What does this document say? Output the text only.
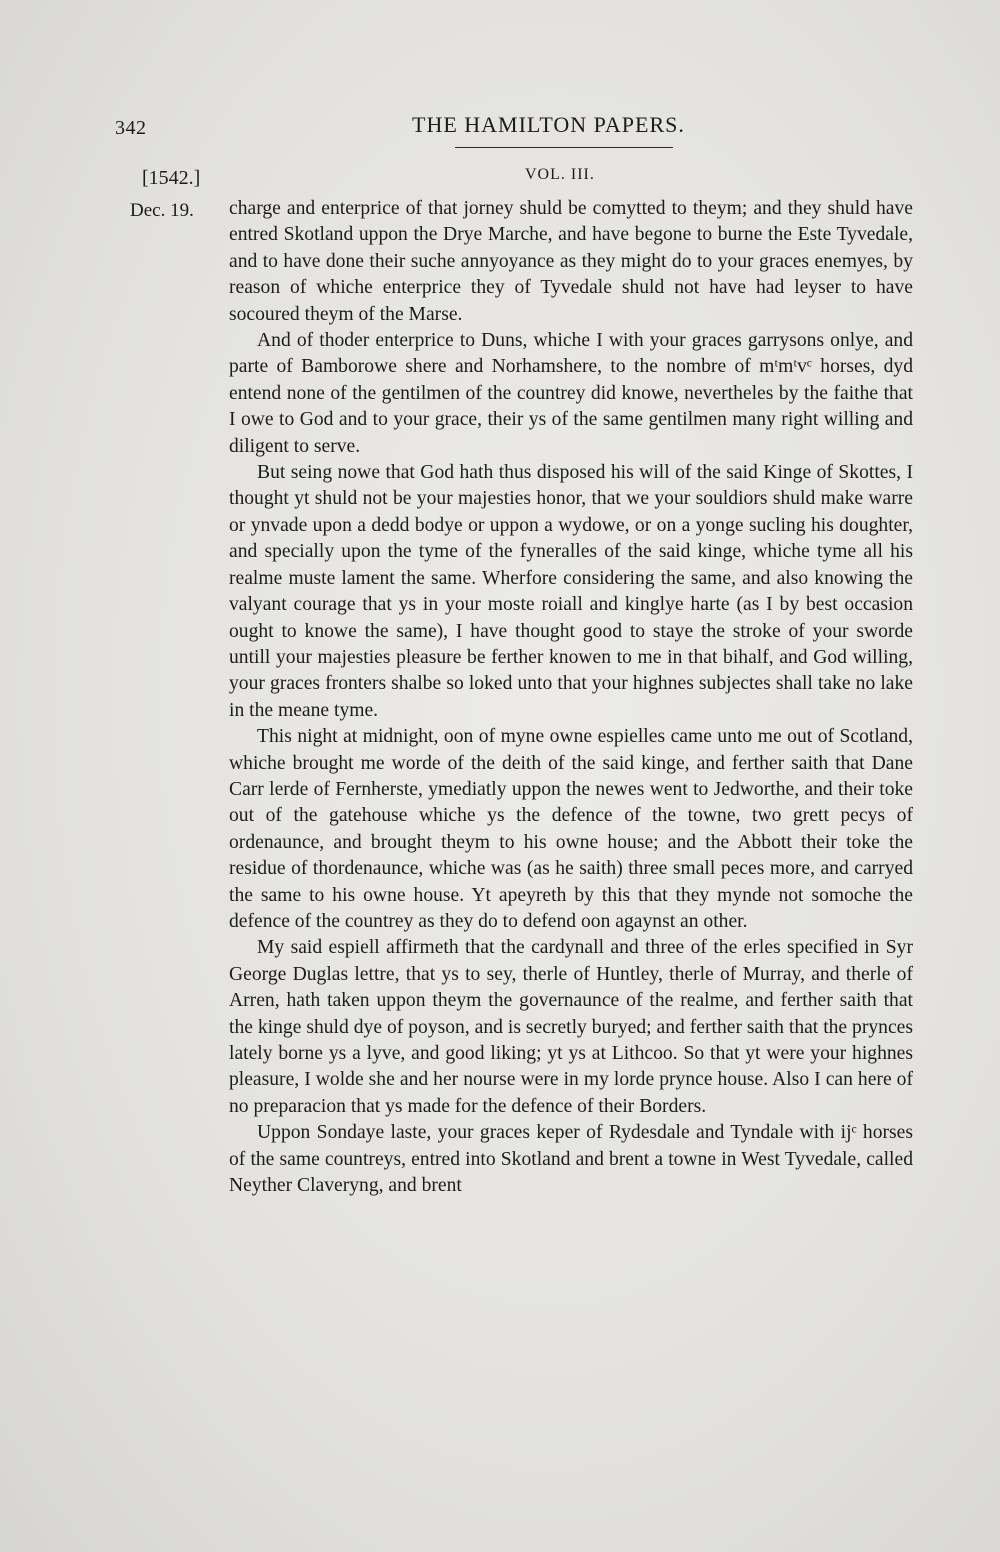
342	THE HAMILTON PAPERS.
[1542.]	VOL. III.
Dec. 19. charge and enterprice of that jorney shuld be comytted to theym; and they shuld have entred Skotland uppon the Drye Marche, and have begone to burne the Este Tyvedale, and to have done their suche annyoyance as they might do to your graces enemyes, by reason of whiche enterprice they of Tyvedale shuld not have had leyser to have socoured theym of the Marse.

And of thoder enterprice to Duns, whiche I with your graces garrysons onlye, and parte of Bamborowe shere and Norhamshere, to the nombre of mᵗmᵗvᶜ horses, dyd entend none of the gentilmen of the countrey did knowe, nevertheles by the faithe that I owe to God and to your grace, their ys of the same gentilmen many right willing and diligent to serve.

But seing nowe that God hath thus disposed his will of the said Kinge of Skottes, I thought yt shuld not be your majesties honor, that we your souldiors shuld make warre or ynvade upon a dedd bodye or uppon a wydowe, or on a yonge sucling his doughter, and specially upon the tyme of the fyneralles of the said kinge, whiche tyme all his realme muste lament the same. Wherfore considering the same, and also knowing the valyant courage that ys in your moste roiall and kinglye harte (as I by best occasion ought to knowe the same), I have thought good to staye the stroke of your sworde untill your majesties pleasure be ferther knowen to me in that bihalf, and God willing, your graces fronters shalbe so loked unto that your highnes subjectes shall take no lake in the meane tyme.

This night at midnight, oon of myne owne espielles came unto me out of Scotland, whiche brought me worde of the deith of the said kinge, and ferther saith that Dane Carr lerde of Fernherste, ymediatly uppon the newes went to Jedworthe, and their toke out of the gatehouse whiche ys the defence of the towne, two grett pecys of ordenaunce, and brought theym to his owne house; and the Abbott their toke the residue of thordenaunce, whiche was (as he saith) three small peces more, and carryed the same to his owne house. Yt apeyreth by this that they mynde not somoche the defence of the countrey as they do to defend oon agaynst an other.

My said espiell affirmeth that the cardynall and three of the erles specified in Syr George Duglas lettre, that ys to sey, therle of Huntley, therle of Murray, and therle of Arren, hath taken uppon theym the governaunce of the realme, and ferther saith that the kinge shuld dye of poyson, and is secretly buryed; and ferther saith that the prynces lately borne ys a lyve, and good liking; yt ys at Lithcoo. So that yt were your highnes pleasure, I wolde she and her nourse were in my lorde prynce house. Also I can here of no preparacion that ys made for the defence of their Borders.

Uppon Sondaye laste, your graces keper of Rydesdale and Tyndale with ijᶜ horses of the same countreys, entred into Skotland and brent a towne in West Tyvedale, called Neyther Claveryng, and brent
